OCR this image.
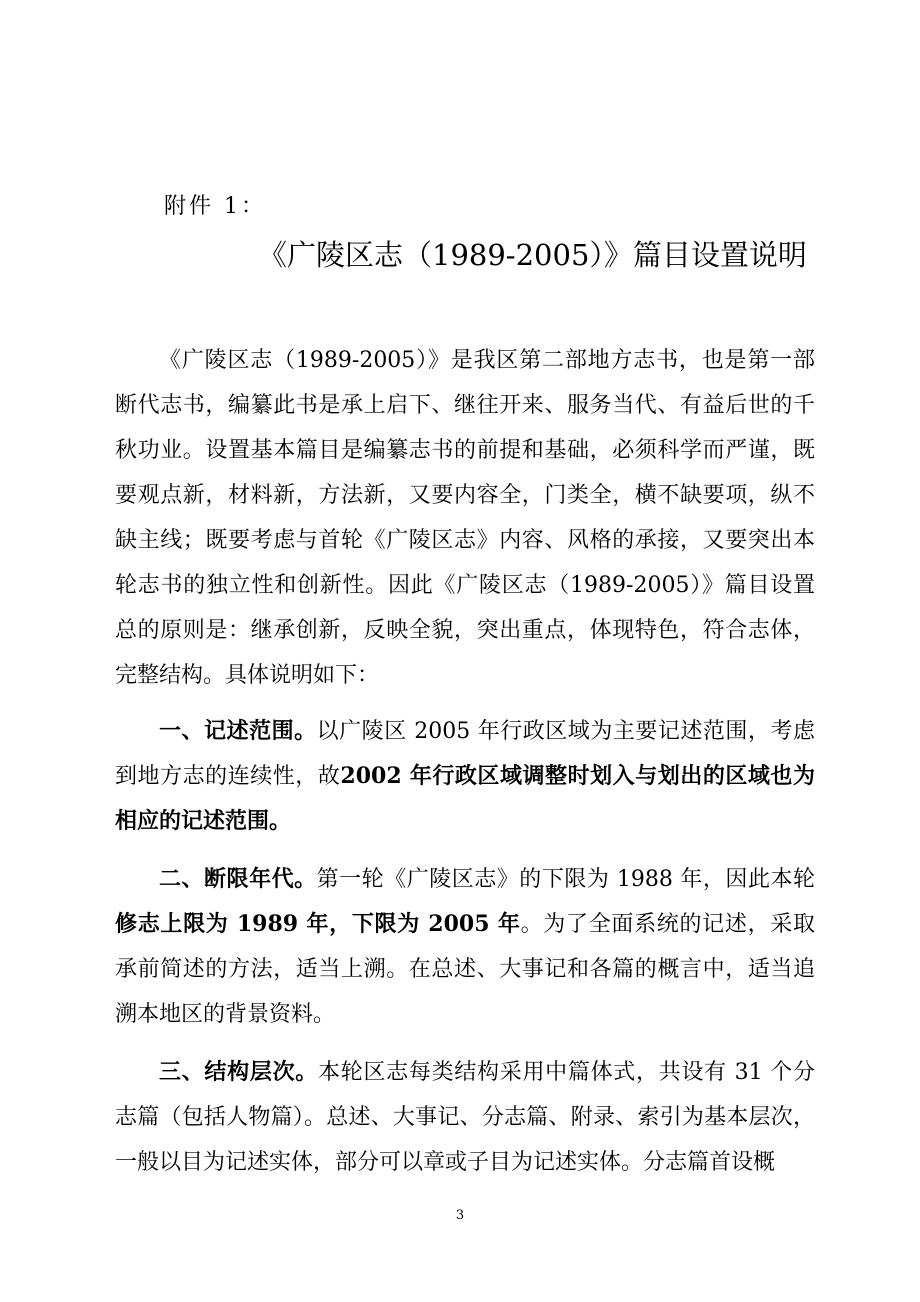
附件 1：
《广陵区志（1989-2005）》篇目设置说明

《广陵区志（1989-2005）》是我区第二部地方志书，也是第一部断代志书，编纂此书是承上启下、继往开来、服务当代、有益后世的千秋功业。设置基本篇目是编纂志书的前提和基础，必须科学而严谨，既要观点新，材料新，方法新，又要内容全，门类全，横不缺要项，纵不缺主线；既要考虑与首轮《广陵区志》内容、风格的承接，又要突出本轮志书的独立性和创新性。因此《广陵区志（1989-2005）》篇目设置总的原则是：继承创新，反映全貌，突出重点，体现特色，符合志体，完整结构。具体说明如下：

一、记述范围。以广陵区 2005 年行政区域为主要记述范围，考虑到地方志的连续性，故2002 年行政区域调整时划入与划出的区域也为相应的记述范围。

二、断限年代。第一轮《广陵区志》的下限为 1988 年，因此本轮修志上限为 1989 年，下限为 2005 年。为了全面系统的记述，采取承前简述的方法，适当上溯。在总述、大事记和各篇的概言中，适当追溯本地区的背景资料。

三、结构层次。本轮区志每类结构采用中篇体式，共设有 31 个分志篇（包括人物篇）。总述、大事记、分志篇、附录、索引为基本层次，一般以目为记述实体，部分可以章或子目为记述实体。分志篇首设概

3
